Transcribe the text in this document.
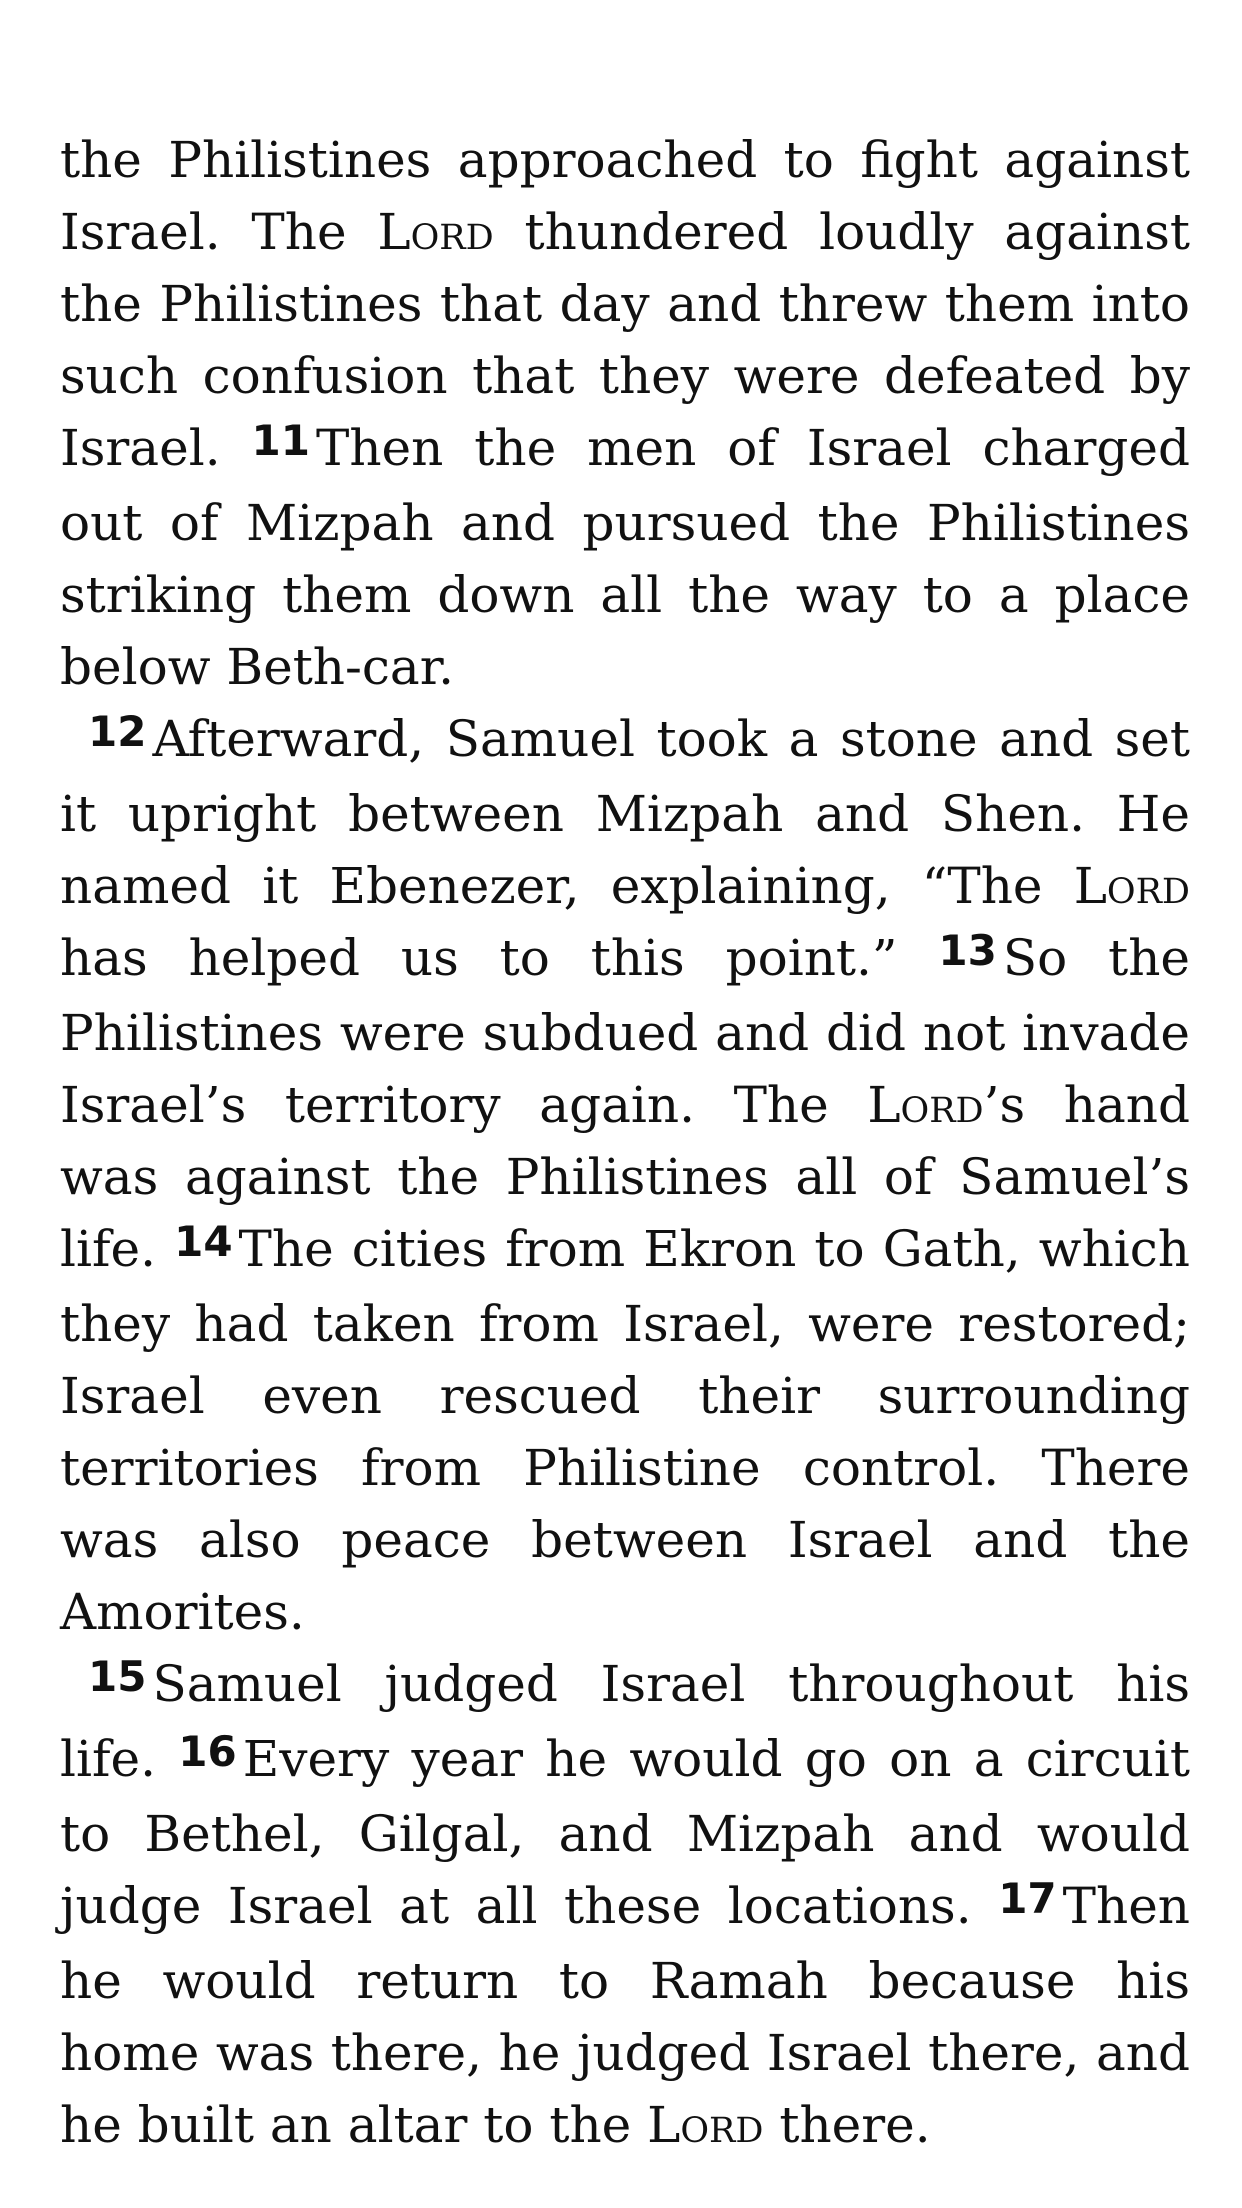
the Philistines approached to fight against Israel. The Lord thundered loudly against the Philistines that day and threw them into such confusion that they were defeated by Israel. $^{11}$ Then the men of Israel charged out of Mizpah and pursued the Philistines striking them down all the way to a place below Beth-car.

$^{12}$ Afterward, Samuel took a stone and set it upright between Mizpah and Shen. He named it Ebenezer, explaining, “The Lord has helped us to this point.” $^{13}$ So the Philistines were subdued and did not invade Israel’s territory again. The Lord’s hand was against the Philistines all of Samuel’s life. $^{14}$ The cities from Ekron to Gath, which they had taken from Israel, were restored; Israel even rescued their surrounding territories from Philistine control. There was also peace between Israel and the Amorites.

$^{15}$ Samuel judged Israel throughout his life. $^{16}$ Every year he would go on a circuit to Bethel, Gilgal, and Mizpah and would judge Israel at all these locations. $^{17}$ Then he would return to Ramah because his home was there, he judged Israel there, and he built an altar to the Lord there.
